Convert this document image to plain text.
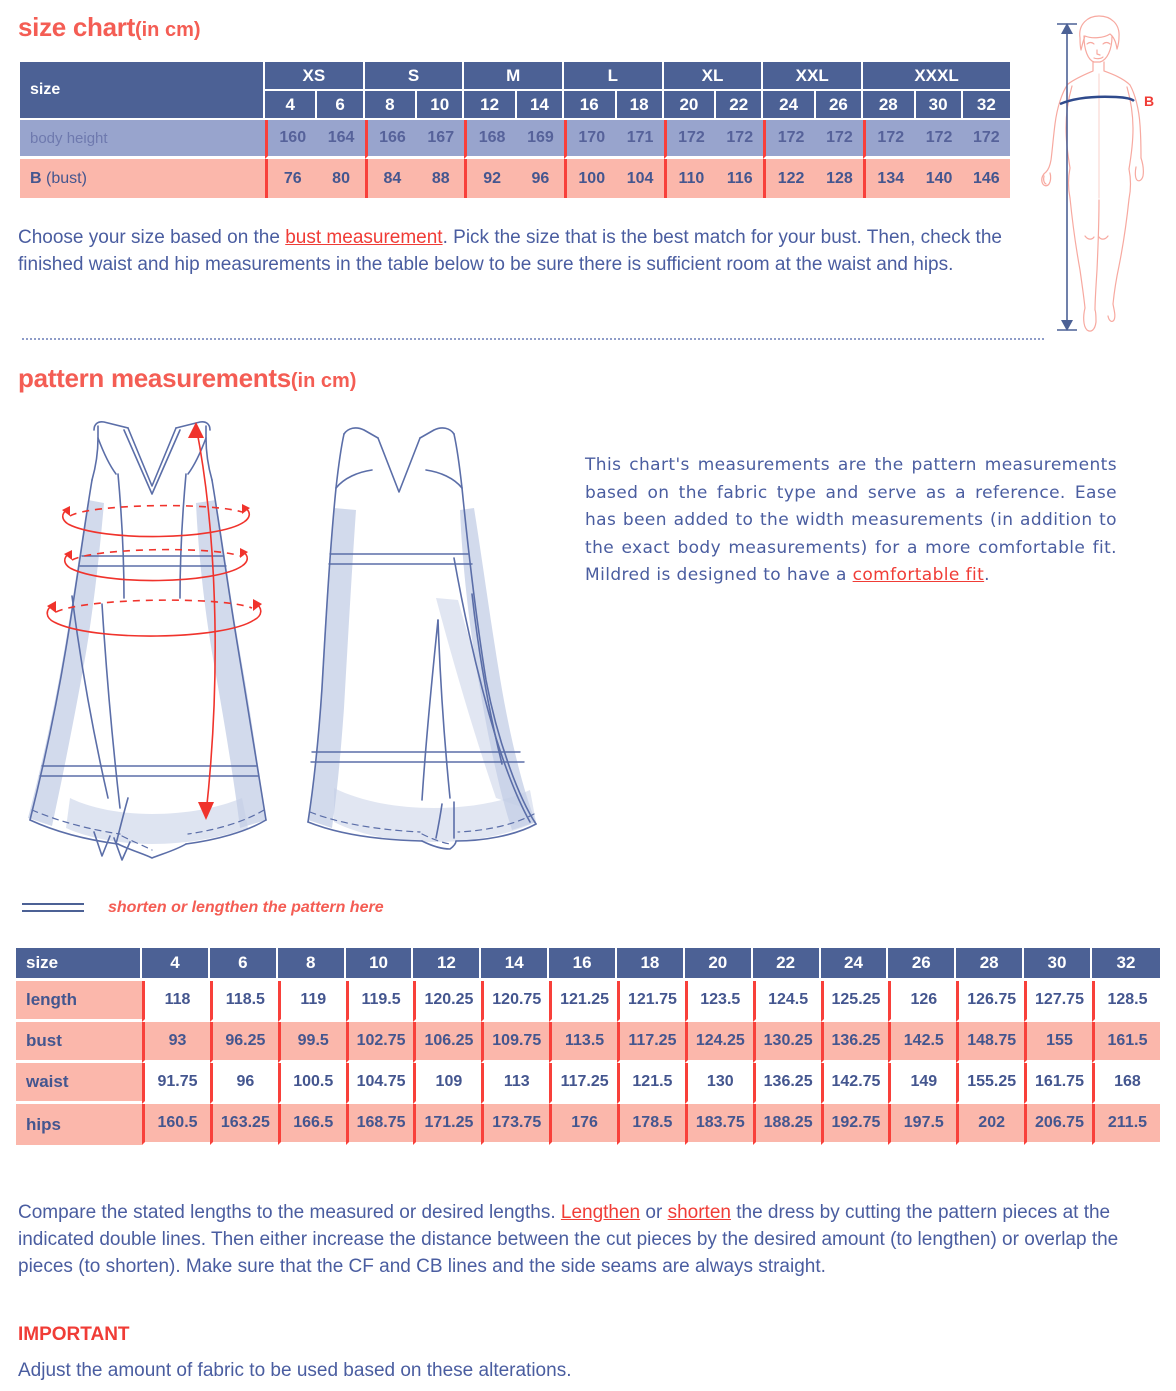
size chart(in cm)
size	XS		S		M		L		XL		XXL		XXXL		
	4	6	8	10	12	14	16	18	20	22	24	26	28	30	32
body height	160	164	166	167	168	169	170	171	172	172	172	172	172	172	172
B (bust)	76	80	84	88	92	96	100	104	110	116	122	128	134	140	146
Choose your size based on the bust measurement. Pick the size that is the best match for your bust. Then, check the finished waist and hip measurements in the table below to be sure there is sufficient room at the waist and hips.
B
pattern measurements(in cm)
This chart's measurements are the pattern measurements based on the fabric type and serve as a reference. Ease has been added to the width measurements (in addition to the exact body measurements) for a more comfortable fit. Mildred is designed to have a comfortable fit.
shorten or lengthen the pattern here
size	4	6	8	10	12	14	16	18	20	22	24	26	28	30	32
length	118	118.5	119	119.5	120.25	120.75	121.25	121.75	123.5	124.5	125.25	126	126.75	127.75	128.5
bust	93	96.25	99.5	102.75	106.25	109.75	113.5	117.25	124.25	130.25	136.25	142.5	148.75	155	161.5
waist	91.75	96	100.5	104.75	109	113	117.25	121.5	130	136.25	142.75	149	155.25	161.75	168
hips	160.5	163.25	166.5	168.75	171.25	173.75	176	178.5	183.75	188.25	192.75	197.5	202	206.75	211.5
Compare the stated lengths to the measured or desired lengths. Lengthen or shorten the dress by cutting the pattern pieces at the indicated double lines. Then either increase the distance between the cut pieces by the desired amount (to lengthen) or overlap the pieces (to shorten). Make sure that the CF and CB lines and the side seams are always straight.
IMPORTANT
Adjust the amount of fabric to be used based on these alterations.
